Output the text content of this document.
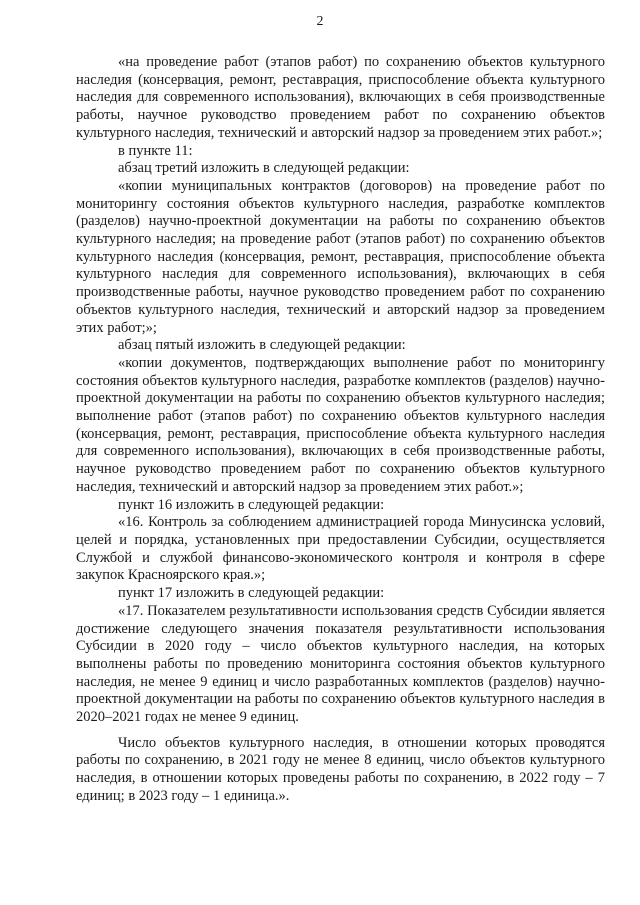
2

«на проведение работ (этапов работ) по сохранению объектов культурного наследия (консервация, ремонт, реставрация, приспособление объекта культурного наследия для современного использования), включающих в себя производственные работы, научное руководство проведением работ по сохранению объектов культурного наследия, технический и авторский надзор за проведением этих работ.»;

в пункте 11:

абзац третий изложить в следующей редакции:

«копии муниципальных контрактов (договоров) на проведение работ по мониторингу состояния объектов культурного наследия, разработке комплектов (разделов) научно-проектной документации на работы по сохранению объектов культурного наследия; на проведение работ (этапов работ) по сохранению объектов культурного наследия (консервация, ремонт, реставрация, приспособление объекта культурного наследия для современного использования), включающих в себя производственные работы, научное руководство проведением работ по сохранению объектов культурного наследия, технический и авторский надзор за проведением этих работ;»;

абзац пятый изложить в следующей редакции:

«копии документов, подтверждающих выполнение работ по мониторингу состояния объектов культурного наследия, разработке комплектов (разделов) научно-проектной документации на работы по сохранению объектов культурного наследия; выполнение работ (этапов работ) по сохранению объектов культурного наследия (консервация, ремонт, реставрация, приспособление объекта культурного наследия для современного использования), включающих в себя производственные работы, научное руководство проведением работ по сохранению объектов культурного наследия, технический и авторский надзор за проведением этих работ.»;

пункт 16 изложить в следующей редакции:

«16. Контроль за соблюдением администрацией города Минусинска условий, целей и порядка, установленных при предоставлении Субсидии, осуществляется Службой и службой финансово-экономического контроля и контроля в сфере закупок Красноярского края.»;

пункт 17 изложить в следующей редакции:

«17. Показателем результативности использования средств Субсидии является достижение следующего значения показателя результативности использования Субсидии в 2020 году – число объектов культурного наследия, на которых выполнены работы по проведению мониторинга состояния объектов культурного наследия, не менее 9 единиц и число разработанных комплектов (разделов) научно-проектной документации на работы по сохранению объектов культурного наследия в 2020–2021 годах не менее 9 единиц.

Число объектов культурного наследия, в отношении которых проводятся работы по сохранению, в 2021 году не менее 8 единиц, число объектов культурного наследия, в отношении которых проведены работы по сохранению, в 2022 году – 7 единиц; в 2023 году – 1 единица.».
